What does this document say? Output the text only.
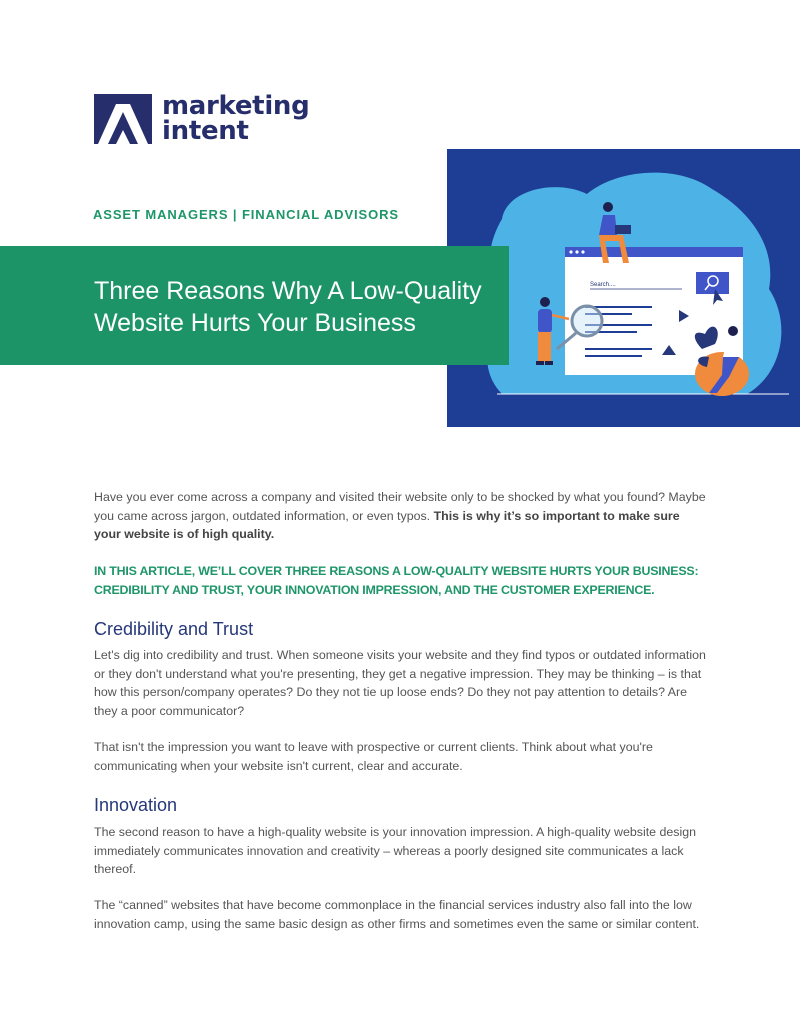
marketing
intent
Search....
ASSET MANAGERS | FINANCIAL ADVISORS
Three Reasons Why A Low-Quality
Website Hurts Your Business

Have you ever come across a company and visited their website only to be shocked by what you found? Maybe you came across jargon, outdated information, or even typos. This is why it’s so important to make sure your website is of high quality.

IN THIS ARTICLE, WE’LL COVER THREE REASONS A LOW-QUALITY WEBSITE HURTS YOUR BUSINESS: CREDIBILITY AND TRUST, YOUR INNOVATION IMPRESSION, AND THE CUSTOMER EXPERIENCE.
Credibility and Trust

Let's dig into credibility and trust. When someone visits your website and they find typos or outdated information or they don't understand what you're presenting, they get a negative impression. They may be thinking – is that how this person/company operates? Do they not tie up loose ends? Do they not pay attention to details? Are they a poor communicator?

That isn't the impression you want to leave with prospective or current clients. Think about what you're communicating when your website isn't current, clear and accurate.

Innovation

The second reason to have a high-quality website is your innovation impression. A high-quality website design immediately communicates innovation and creativity – whereas a poorly designed site communicates a lack thereof.

The “canned” websites that have become commonplace in the financial services industry also fall into the low innovation camp, using the same basic design as other firms and sometimes even the same or similar content.
